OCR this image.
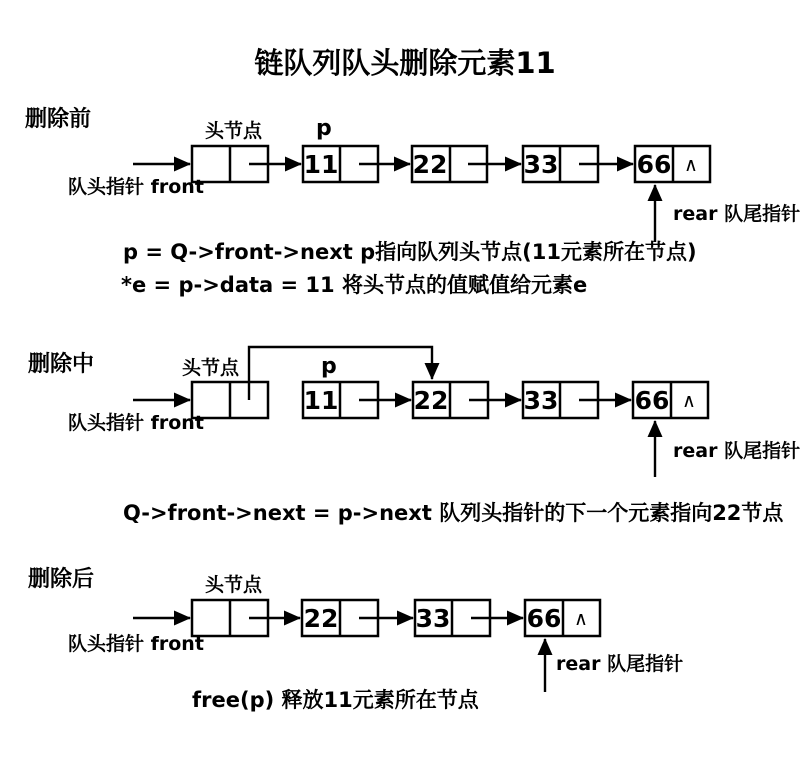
链队列队头删除元素11
删除前	头节点 p
队头指针 front
11	22	33	66 ∧
rear 队尾指针
p = Q->front->next p指向队列头节点(11元素所在节点)
*e = p->data = 11 将头节点的值赋值给元素e
删除中	头节点	p
队头指针 front
11	22	33	66 ∧
rear 队尾指针
Q->front->next = p->next 队列头指针的下一个元素指向22节点
删除后	头节点
队头指针 front
22	33	66 ∧
rear 队尾指针
free(p) 释放11元素所在节点
